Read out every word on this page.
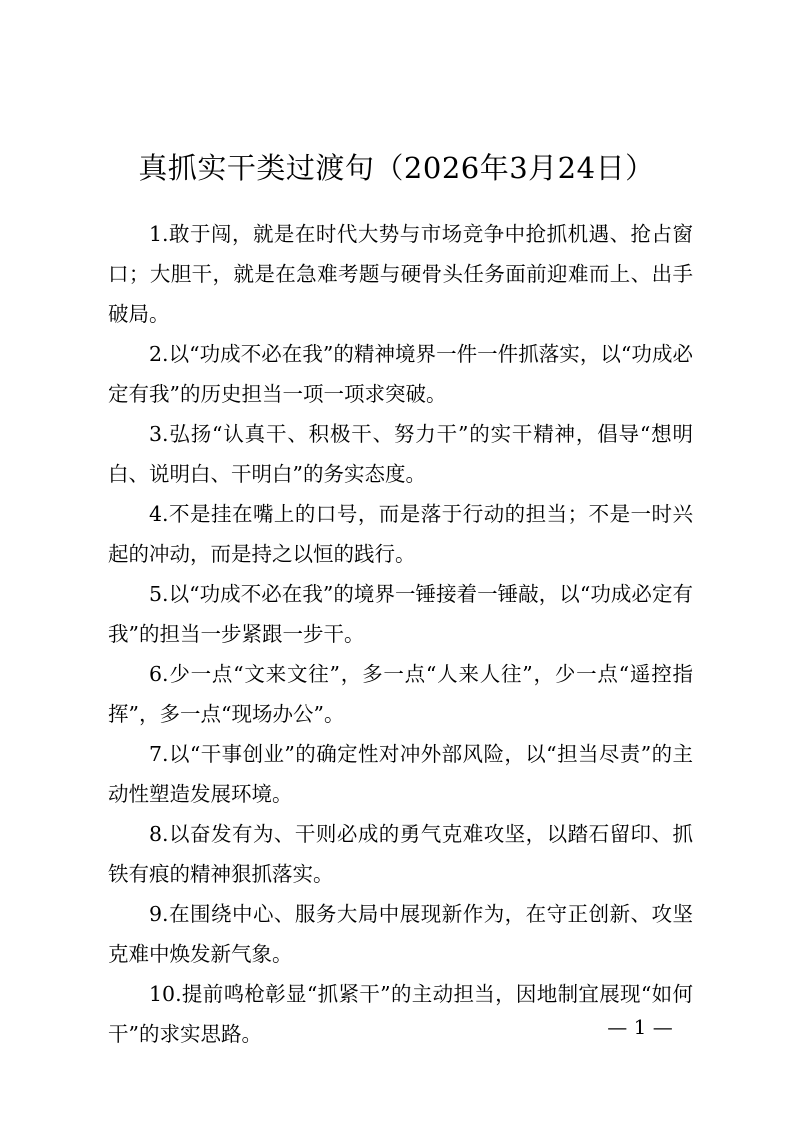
真抓实干类过渡句（2026年3月24日）

1.敢于闯，就是在时代大势与市场竞争中抢抓机遇、抢占窗口；大胆干，就是在急难考题与硬骨头任务面前迎难而上、出手破局。

2.以“功成不必在我”的精神境界一件一件抓落实，以“功成必定有我”的历史担当一项一项求突破。

3.弘扬“认真干、积极干、努力干”的实干精神，倡导“想明白、说明白、干明白”的务实态度。

4.不是挂在嘴上的口号，而是落于行动的担当；不是一时兴起的冲动，而是持之以恒的践行。

5.以“功成不必在我”的境界一锤接着一锤敲，以“功成必定有我”的担当一步紧跟一步干。

6.少一点“文来文往”，多一点“人来人往”，少一点“遥控指挥”，多一点“现场办公”。

7.以“干事创业”的确定性对冲外部风险，以“担当尽责”的主动性塑造发展环境。

8.以奋发有为、干则必成的勇气克难攻坚，以踏石留印、抓铁有痕的精神狠抓落实。

9.在围绕中心、服务大局中展现新作为，在守正创新、攻坚克难中焕发新气象。

10.提前鸣枪彰显“抓紧干”的主动担当，因地制宜展现“如何干”的求实思路。	— 1 —
